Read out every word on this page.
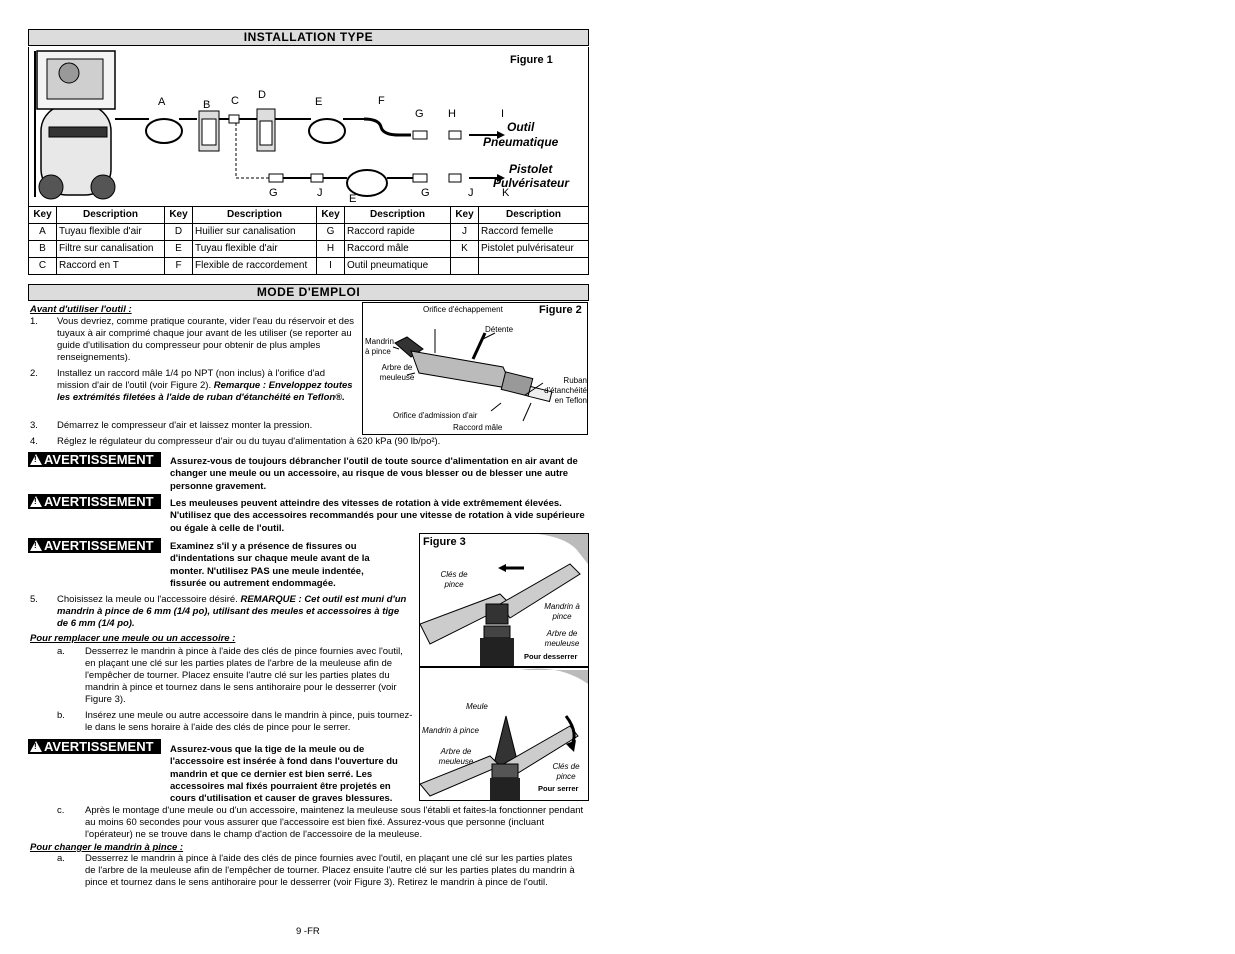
INSTALLATION TYPE
Figure 1
A	B C D
E	F
G H	I
Outil
Pneumatique
Pistolet
Pulvérisateur
G	J E	G	J	K
Key	Description	Key	Description	Key	Description	Key	Description
A	Tuyau flexible d'air	D	Huilier sur canalisation	G	Raccord rapide	J	Raccord femelle
B	Filtre sur canalisation	E	Tuyau flexible d'air	H	Raccord mâle	K	Pistolet pulvérisateur
C	Raccord en T	F	Flexible de raccordement	I	Outil pneumatique		
MODE D'EMPLOI
Avant d'utiliser l'outil :
1. Vous devriez, comme pratique courante, vider l'eau du réservoir et des tuyaux à air comprimé chaque jour avant de les utiliser (se reporter au guide d'utilisation du compresseur pour obtenir de plus amples renseignements).
2. Installez un raccord mâle 1/4 po NPT (non inclus) à l'orifice d'ad mission d'air de l'outil (voir Figure 2). Remarque : Enveloppez toutes les extrémités filetées à l'aide de ruban d'étanchéité en Teflon®.
3. Démarrez le compresseur d'air et laissez monter la pression.
4. Réglez le régulateur du compresseur d'air ou du tuyau d'alimentation à 620 kPa (90 lb/po²).
Figure 2
Orifice d'échappement
Détente
Mandrin à pince
Arbre de meuleuse	Ruban d'étanchéité en Teflon
Orifice d'admission d'air
Raccord mâle
! AVERTISSEMENT	Assurez-vous de toujours débrancher l'outil de toute source d'alimentation en air avant de changer une meule ou un accessoire, au risque de vous blesser ou de blesser une autre personne gravement.
! AVERTISSEMENT	Les meuleuses peuvent atteindre des vitesses de rotation à vide extrêmement élevées. N'utilisez que des accessoires recommandés pour une vitesse de rotation à vide supérieure ou égale à celle de l'outil.
! AVERTISSEMENT	Examinez s'il y a présence de fissures ou d'indentations sur chaque meule avant de la monter. N'utilisez PAS une meule indentée, fissurée ou autrement endommagée.
5. Choisissez la meule ou l'accessoire désiré. REMARQUE : Cet outil est muni d'un mandrin à pince de 6 mm (1/4 po), utilisant des meules et accessoires à tige de 6 mm (1/4 po).
Pour remplacer une meule ou un accessoire :
a. Desserrez le mandrin à pince à l'aide des clés de pince fournies avec l'outil, en plaçant une clé sur les parties plates de l'arbre de la meuleuse afin de l'empêcher de tourner. Placez ensuite l'autre clé sur les parties plates du mandrin à pince et tournez dans le sens antihoraire pour le desserrer (voir Figure 3).
b. Insérez une meule ou autre accessoire dans le mandrin à pince, puis tournez-le dans le sens horaire à l'aide des clés de pince pour le serrer.
! AVERTISSEMENT	Assurez-vous que la tige de la meule ou de l'accessoire est insérée à fond dans l'ouverture du mandrin et que ce dernier est bien serré. Les accessoires mal fixés pourraient être projetés en cours d'utilisation et causer de graves blessures.
Figure 3
Clés de pince
Mandrin à pince
Arbre de meuleuse
Pour desserrer
Meule
Mandrin à pince
Arbre de meuleuse
Clés de pince
Pour serrer
c. Après le montage d'une meule ou d'un accessoire, maintenez la meuleuse sous l'établi et faites-la fonctionner pendant au moins 60 secondes pour vous assurer que l'accessoire est bien fixé. Assurez-vous que personne (incluant l'opérateur) ne se trouve dans le champ d'action de l'accessoire de la meuleuse.
Pour changer le mandrin à pince :
a. Desserrez le mandrin à pince à l'aide des clés de pince fournies avec l'outil, en plaçant une clé sur les parties plates de l'arbre de la meuleuse afin de l'empêcher de tourner. Placez ensuite l'autre clé sur les parties plates du mandrin à pince et tournez dans le sens antihoraire pour le desserrer (voir Figure 3). Retirez le mandrin à pince de l'outil.
9 -FR
